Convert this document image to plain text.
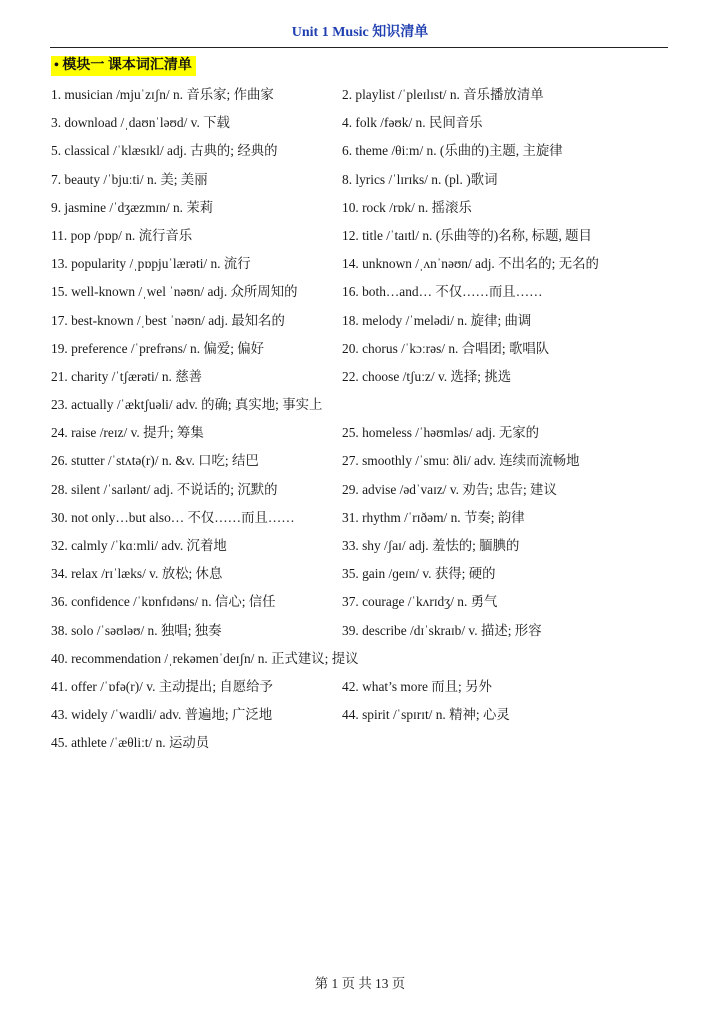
Unit 1 Music 知识清单
• 模块一 课本词汇清单
1. musician /mjuˈzɪʃn/ n. 音乐家; 作曲家	2. playlist /ˈpleɪlɪst/ n. 音乐播放清单
3. download /ˌdaʊnˈləʊd/ v. 下载	4. folk /fəʊk/ n. 民间音乐
5. classical /ˈklæsɪkl/ adj. 古典的; 经典的	6. theme /θiːm/ n. (乐曲的)主题, 主旋律
7. beauty /ˈbjuːti/ n. 美; 美丽	8. lyrics /ˈlɪrɪks/ n. (pl. )歌词
9. jasmine /ˈdʒæzmɪn/ n. 茉莉	10. rock /rɒk/ n. 摇滚乐
11. pop /pɒp/ n. 流行音乐	12. title /ˈtaɪtl/ n. (乐曲等的)名称, 标题, 题目
13. popularity /ˌpɒpjuˈlærəti/ n. 流行	14. unknown /ˌʌnˈnəʊn/ adj. 不出名的; 无名的
15. well-known /ˌwel ˈnəʊn/ adj. 众所周知的	16. both…and… 不仅……而且……
17. best-known /ˌbest ˈnəʊn/ adj. 最知名的	18. melody /ˈmelədi/ n. 旋律; 曲调
19. preference /ˈprefrəns/ n. 偏爱; 偏好	20. chorus /ˈkɔːrəs/ n. 合唱团; 歌唱队
21. charity /ˈtʃærəti/ n. 慈善	22. choose /tʃuːz/ v. 选择; 挑选
23. actually /ˈæktʃuəli/ adv. 的确; 真实地; 事实上
24. raise /reɪz/ v. 提升; 筹集	25. homeless /ˈhəʊmləs/ adj. 无家的
26. stutter /ˈstʌtə(r)/ n. &v. 口吃; 结巴	27. smoothly /ˈsmuː ðli/ adv. 连续而流畅地
28. silent /ˈsaɪlənt/ adj. 不说话的; 沉默的	29. advise /ədˈvaɪz/ v. 劝告; 忠告; 建议
30. not only…but also… 不仅……而且……	31. rhythm /ˈrɪðəm/ n. 节奏; 韵律
32. calmly /ˈkɑːmli/ adv. 沉着地	33. shy /ʃaɪ/ adj. 羞怯的; 腼腆的
34. relax /rɪˈlæks/ v. 放松; 休息	35. gain /ɡeɪn/ v. 获得; 硬的
36. confidence /ˈkɒnfɪdəns/ n. 信心; 信任	37. courage /ˈkʌrɪdʒ/ n. 勇气
38. solo /ˈsəʊləʊ/ n. 独唱; 独奏	39. describe /dɪˈskraɪb/ v. 描述; 形容
40. recommendation /ˌrekəmenˈdeɪʃn/ n. 正式建议; 提议
41. offer /ˈɒfə(r)/ v. 主动提出; 自愿给予	42. what’s more 而且; 另外
43. widely /ˈwaɪdli/ adv. 普遍地; 广泛地	44. spirit /ˈspɪrɪt/ n. 精神; 心灵
45. athlete /ˈæθliːt/ n. 运动员
第 1 页 共 13 页
